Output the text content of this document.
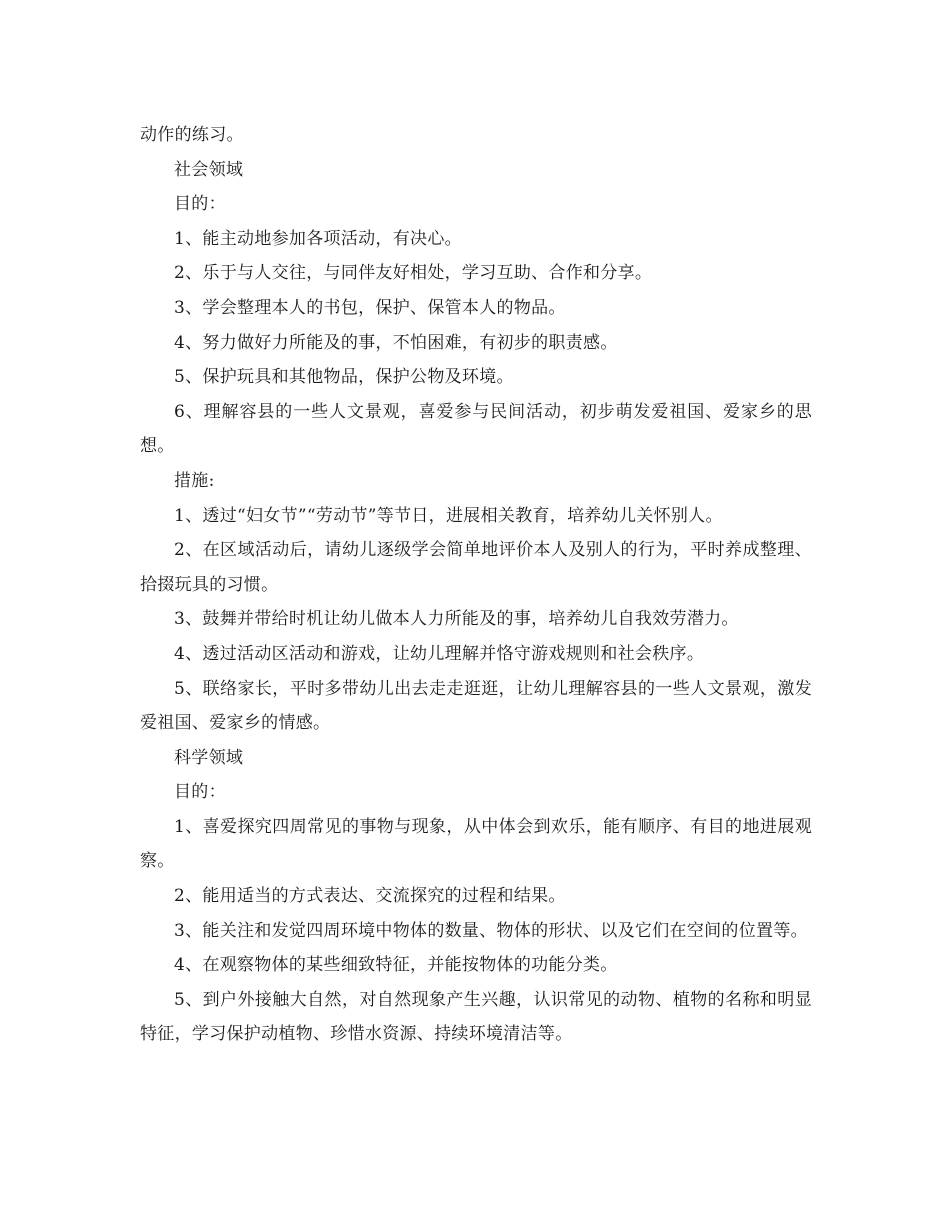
动作的练习。

社会领域

目的：

1、能主动地参加各项活动，有决心。

2、乐于与人交往，与同伴友好相处，学习互助、合作和分享。

3、学会整理本人的书包，保护、保管本人的物品。

4、努力做好力所能及的事，不怕困难，有初步的职责感。

5、保护玩具和其他物品，保护公物及环境。

6、理解容县的一些人文景观，喜爱参与民间活动，初步萌发爱祖国、爱家乡的思想。

措施:

1、透过“妇女节”“劳动节”等节日，进展相关教育，培养幼儿关怀别人。

2、在区域活动后，请幼儿逐级学会简单地评价本人及别人的行为，平时养成整理、拾掇玩具的习惯。

3、鼓舞并带给时机让幼儿做本人力所能及的事，培养幼儿自我效劳潜力。

4、透过活动区活动和游戏，让幼儿理解并恪守游戏规则和社会秩序。

5、联络家长，平时多带幼儿出去走走逛逛，让幼儿理解容县的一些人文景观，激发爱祖国、爱家乡的情感。

科学领域

目的：

1、喜爱探究四周常见的事物与现象，从中体会到欢乐，能有顺序、有目的地进展观察。

2、能用适当的方式表达、交流探究的过程和结果。

3、能关注和发觉四周环境中物体的数量、物体的形状、以及它们在空间的位置等。

4、在观察物体的某些细致特征，并能按物体的功能分类。

5、到户外接触大自然，对自然现象产生兴趣，认识常见的动物、植物的名称和明显特征，学习保护动植物、珍惜水资源、持续环境清洁等。
